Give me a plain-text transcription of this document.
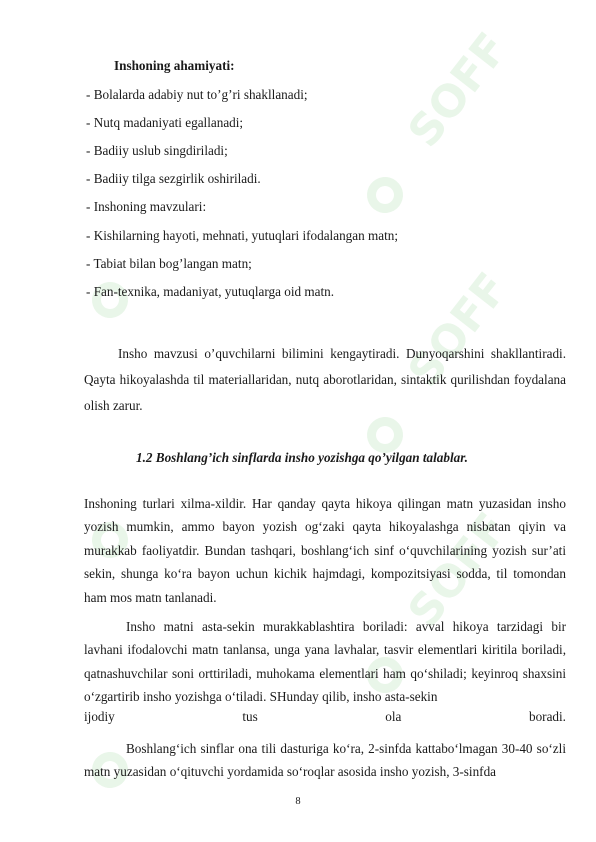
SOFF
SOFF
SOFF
Inshoning ahamiyati:
- Bolalarda adabiy nut to’g’ri shakllanadi;
- Nutq madaniyati egallanadi;
- Badiiy uslub singdiriladi;
- Badiiy tilga sezgirlik oshiriladi.
- Inshoning mavzulari:
- Kishilarning hayoti, mehnati, yutuqlari ifodalangan matn;
- Tabiat bilan bog’langan matn;
- Fan-texnika, madaniyat, yutuqlarga oid matn.

Insho mavzusi o’quvchilarni bilimini kengaytiradi. Dunyoqarshini shakllantiradi. Qayta hikoyalashda til materiallaridan, nutq aborotlaridan, sintaktik qurilishdan foydalana olish zarur.

1.2 Boshlang’ich sinflarda insho yozishga qo’yilgan talablar.

Inshoning turlari xilma-xildir. Har qanday qayta hikoya qilingan matn yuzasidan insho yozish mumkin, ammo bayon yozish og‘zaki qayta hikoyalashga nisbatan qiyin va murakkab faoliyatdir. Bundan tashqari, boshlang‘ich sinf o‘quvchilarining yozish sur’ati sekin, shunga ko‘ra bayon uchun kichik hajmdagi, kompozitsiyasi sodda, til tomondan ham mos matn tanlanadi.

Insho matni asta-sekin murakkablashtira boriladi: avval hikoya tarzidagi bir lavhani ifodalovchi matn tanlansa, unga yana lavhalar, tasvir elementlari kiritila boriladi, qatnashuvchilar soni orttiriladi, muhokama elementlari ham qo‘shiladi; keyinroq shaxsini o‘zgartirib insho yozishga o‘tiladi. SHunday qilib, insho asta-sekin

ijodiy	tus	ola	boradi.

Boshlang‘ich sinflar ona tili dasturiga ko‘ra, 2-sinfda kattabo‘lmagan 30-40 so‘zli matn yuzasidan o‘qituvchi yordamida so‘roqlar asosida insho yozish, 3-sinfda

8
